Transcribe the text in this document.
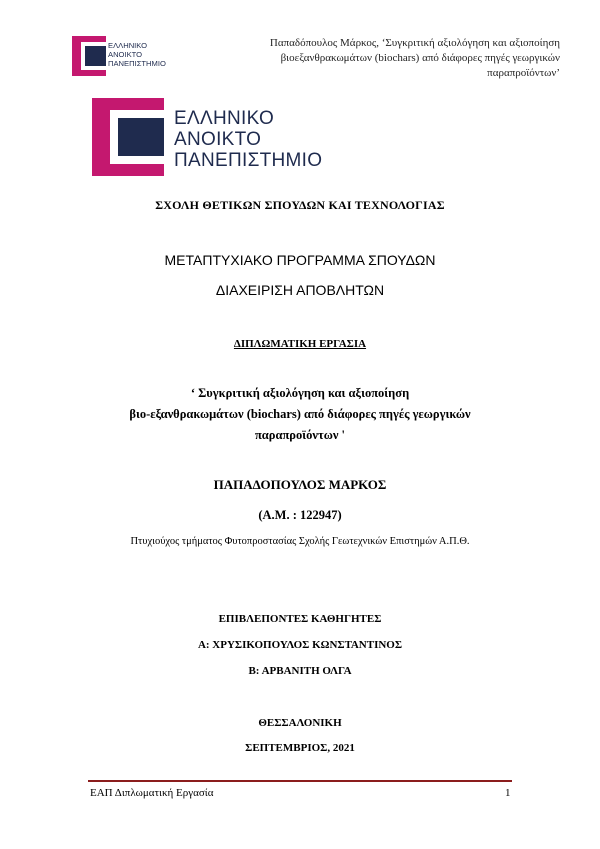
ΕΛΛΗΝΙΚΟ
ΑΝΟΙΚΤΟ
ΠΑΝΕΠΙΣΤΗΜΙΟ
Παπαδόπουλος Μάρκος, ‘Συγκριτική αξιολόγηση και αξιοποίηση
βιοεξανθρακωμάτων (biochars) από διάφορες πηγές γεωργικών
παραπροϊόντων’
ΕΛΛΗΝΙΚΟ
ΑΝΟΙΚΤΟ
ΠΑΝΕΠΙΣΤΗΜΙΟ
ΣΧΟΛΗ ΘΕΤΙΚΩΝ ΣΠΟΥΔΩΝ ΚΑΙ ΤΕΧΝΟΛΟΓΙΑΣ
ΜΕΤΑΠΤΥΧΙΑΚΟ ΠΡΟΓΡΑΜΜΑ ΣΠΟΥΔΩΝ
ΔΙΑΧΕΙΡΙΣΗ ΑΠΟΒΛΗΤΩΝ
ΔΙΠΛΩΜΑΤΙΚΗ ΕΡΓΑΣΙΑ
‘ Συγκριτική αξιολόγηση και αξιοποίηση
βιο-εξανθρακωμάτων (biochars) από διάφορες πηγές γεωργικών
παραπροϊόντων '
ΠΑΠΑΔΟΠΟΥΛΟΣ ΜΑΡΚΟΣ
(Α.Μ. : 122947)
Πτυχιούχος τμήματος Φυτοπροστασίας Σχολής Γεωτεχνικών Επιστημών Α.Π.Θ.
ΕΠΙΒΛΕΠΟΝΤΕΣ ΚΑΘΗΓΗΤΕΣ
Α: ΧΡΥΣΙΚΟΠΟΥΛΟΣ ΚΩΝΣΤΑΝΤΙΝΟΣ
Β: ΑΡΒΑΝΙΤΗ ΟΛΓΑ
ΘΕΣΣΑΛΟΝΙΚΗ
ΣΕΠΤΕΜΒΡΙΟΣ, 2021
ΕΑΠ Διπλωματική Εργασία	1
